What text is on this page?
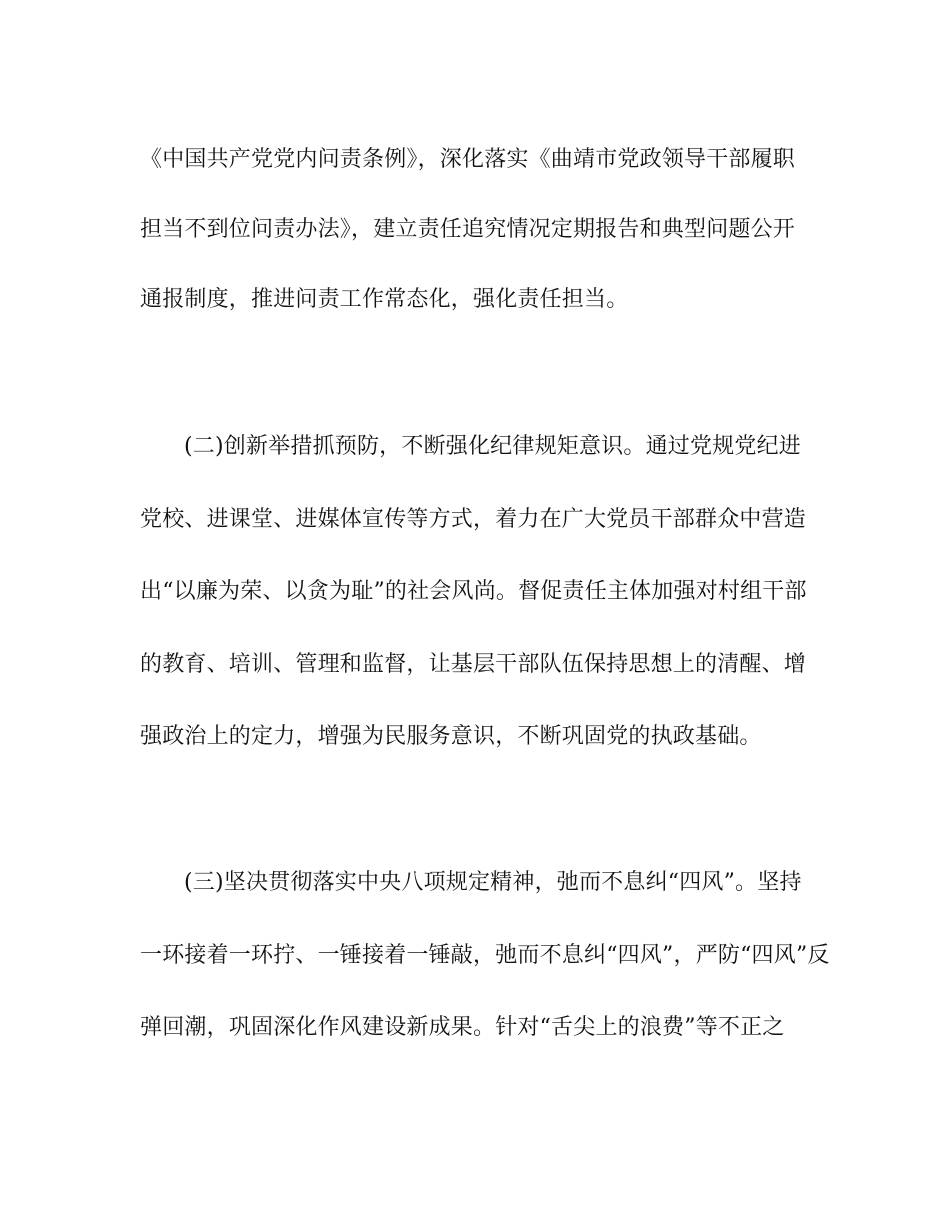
《中国共产党党内问责条例》，深化落实《曲靖市党政领导干部履职
担当不到位问责办法》，建立责任追究情况定期报告和典型问题公开
通报制度，推进问责工作常态化，强化责任担当。
(二)创新举措抓预防，不断强化纪律规矩意识。通过党规党纪进
党校、进课堂、进媒体宣传等方式，着力在广大党员干部群众中营造
出“以廉为荣、以贪为耻”的社会风尚。督促责任主体加强对村组干部
的教育、培训、管理和监督，让基层干部队伍保持思想上的清醒、增
强政治上的定力，增强为民服务意识，不断巩固党的执政基础。
(三)坚决贯彻落实中央八项规定精神，弛而不息纠“四风”。坚持
一环接着一环拧、一锤接着一锤敲，弛而不息纠“四风”，严防“四风”反
弹回潮，巩固深化作风建设新成果。针对“舌尖上的浪费”等不正之
